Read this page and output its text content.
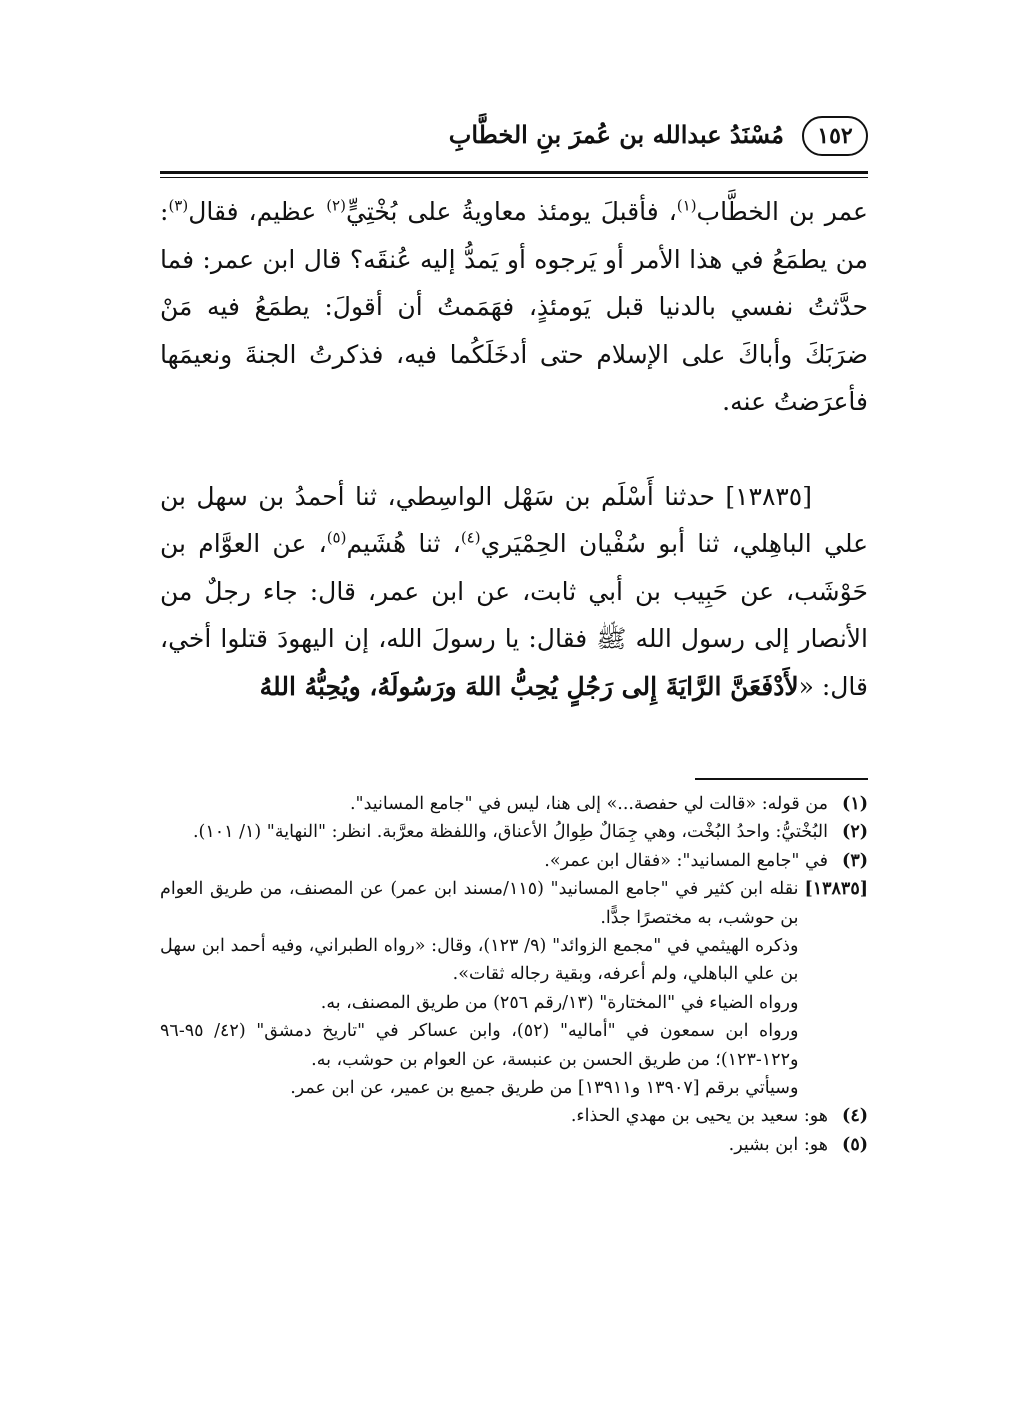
١٥٢
مُسْنَدُ عبدالله بن عُمرَ بنِ الخطَّابِ

عمر بن الخطَّاب$^{(١)}$، فأقبلَ يومئذ معاويةُ على بُخْتِيٍّ$^{(٢)}$ عظيم، فقال$^{(٣)}$: من يطمَعُ في هذا الأمر أو يَرجوه أو يَمدُّ إليه عُنقَه؟ قال ابن عمر: فما حدَّثتُ نفسي بالدنيا قبل يَومئذٍ، فهَمَمتُ أن أقولَ: يطمَعُ فيه مَنْ ضرَبَكَ وأباكَ على الإسلام حتى أدخَلَكُما فيه، فذكرتُ الجنةَ ونعيمَها فأعرَضتُ عنه.

[١٣٨٣٥] حدثنا أَسْلَم بن سَهْل الواسِطي، ثنا أحمدُ بن سهل بن علي الباهِلي، ثنا أبو سُفْيان الحِمْيَري$^{(٤)}$، ثنا هُشَيم$^{(٥)}$، عن العوَّام بن حَوْشَب، عن حَبِيب بن أبي ثابت، عن ابن عمر، قال: جاء رجلٌ من الأنصار إلى رسول الله ﷺ فقال: يا رسولَ الله، إن اليهودَ قتلوا أخي، قال: «لأَدْفَعَنَّ الرَّايَةَ إِلى رَجُلٍ يُحِبُّ اللهَ ورَسُولَهُ، ويُحِبُّهُ اللهُ

(١)
من قوله: «قالت لي حفصة...» إلى هنا، ليس في "جامع المسانيد".
(٢)
البُخْتيُّ: واحدُ البُخْت، وهي جِمَالٌ طِوالُ الأعناق، واللفظة معرَّبة. انظر: "النهاية" (١/ ١٠١).
(٣)
في "جامع المسانيد": «فقال ابن عمر».
[١٣٨٣٥]

نقله ابن كثير في "جامع المسانيد" (١١٥/مسند ابن عمر) عن المصنف، من طريق العوام بن حوشب، به مختصرًا جدًّا.

وذكره الهيثمي في "مجمع الزوائد" (٩/ ١٢٣)، وقال: «رواه الطبراني، وفيه أحمد ابن سهل بن علي الباهلي، ولم أعرفه، وبقية رجاله ثقات».

ورواه الضياء في "المختارة" (١٣/رقم ٢٥٦) من طريق المصنف، به.

ورواه ابن سمعون في "أماليه" (٥٢)، وابن عساكر في "تاريخ دمشق" (٤٢/ ٩٥-٩٦ و١٢٢-١٢٣)؛ من طريق الحسن بن عنبسة، عن العوام بن حوشب، به.

وسيأتي برقم [١٣٩٠٧ و١٣٩١١] من طريق جميع بن عمير، عن ابن عمر.

(٤)
هو: سعيد بن يحيى بن مهدي الحذاء.
(٥)
هو: ابن بشير.
